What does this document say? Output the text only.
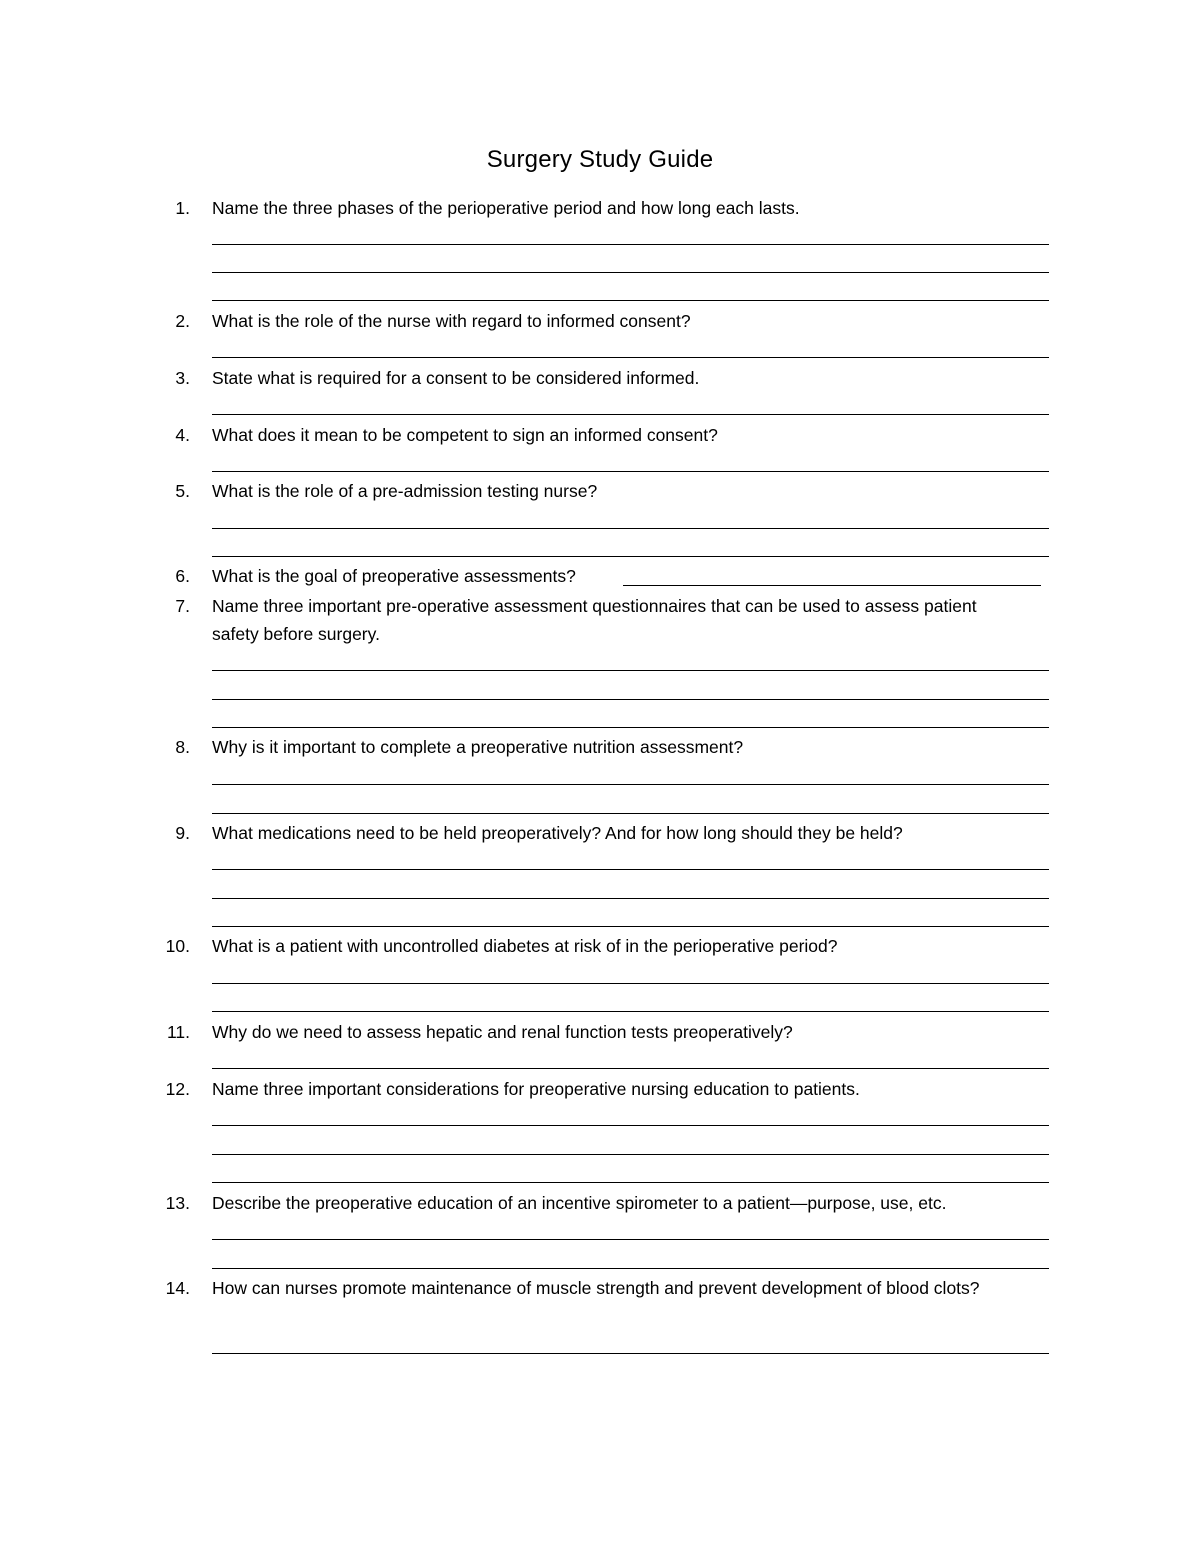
Surgery Study Guide
1. Name the three phases of the perioperative period and how long each lasts.
2. What is the role of the nurse with regard to informed consent?
3. State what is required for a consent to be considered informed.
4. What does it mean to be competent to sign an informed consent?
5. What is the role of a pre-admission testing nurse?
6. What is the goal of preoperative assessments?
7. Name three important pre-operative assessment questionnaires that can be used to assess patient safety before surgery.
8. Why is it important to complete a preoperative nutrition assessment?
9. What medications need to be held preoperatively? And for how long should they be held?
10. What is a patient with uncontrolled diabetes at risk of in the perioperative period?
11. Why do we need to assess hepatic and renal function tests preoperatively?
12. Name three important considerations for preoperative nursing education to patients.
13. Describe the preoperative education of an incentive spirometer to a patient—purpose, use, etc.
14. How can nurses promote maintenance of muscle strength and prevent development of blood clots?
